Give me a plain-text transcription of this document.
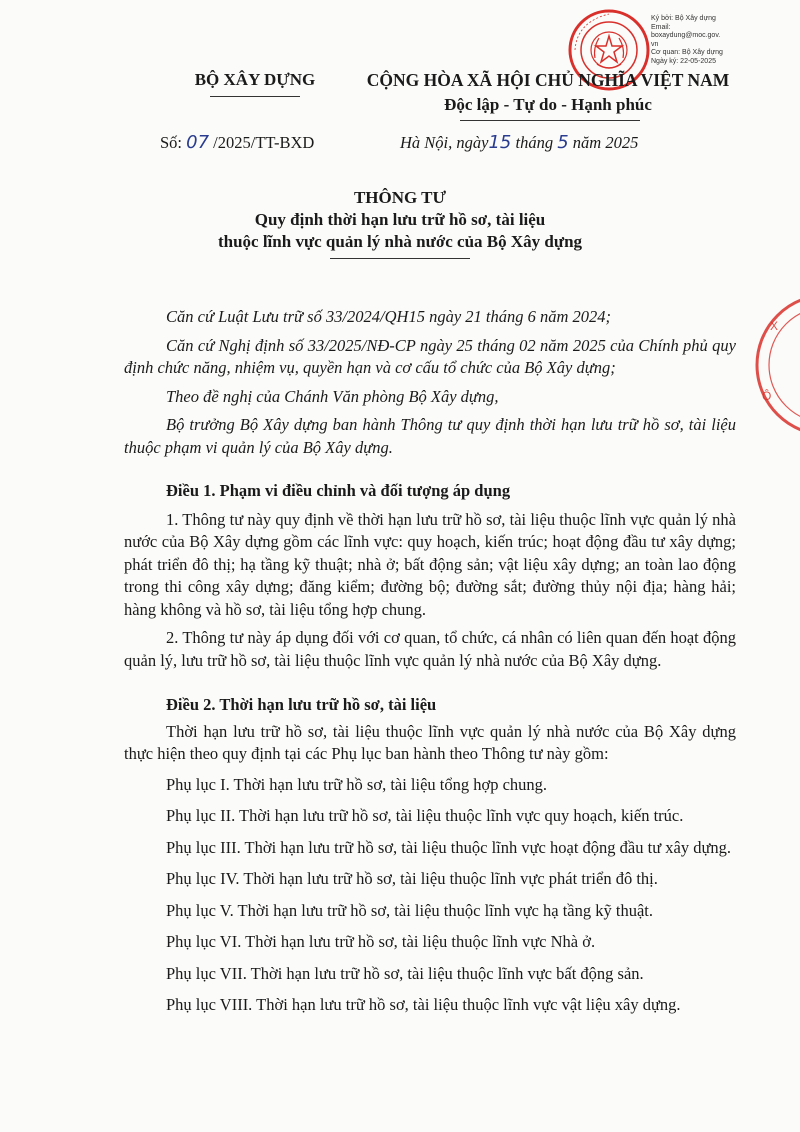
Ký bởi: Bộ Xây dựng
Email:
boxaydung@moc.gov.
vn
Cơ quan: Bộ Xây dựng
Ngày ký: 22-05-2025
X
Ô
BỘ XÂY DỰNG	CỘNG HÒA XÃ HỘI CHỦ NGHĨA VIỆT NAM
Độc lập - Tự do - Hạnh phúc
Số: 07 /2025/TT-BXD	Hà Nội, ngày15 tháng 5 năm 2025
THÔNG TƯ
Quy định thời hạn lưu trữ hồ sơ, tài liệu
thuộc lĩnh vực quản lý nhà nước của Bộ Xây dựng

Căn cứ Luật Lưu trữ số 33/2024/QH15 ngày 21 tháng 6 năm 2024;

Căn cứ Nghị định số 33/2025/NĐ-CP ngày 25 tháng 02 năm 2025 của Chính phủ quy định chức năng, nhiệm vụ, quyền hạn và cơ cấu tổ chức của Bộ Xây dựng;

Theo đề nghị của Chánh Văn phòng Bộ Xây dựng,

Bộ trưởng Bộ Xây dựng ban hành Thông tư quy định thời hạn lưu trữ hồ sơ, tài liệu thuộc phạm vi quản lý của Bộ Xây dựng.

Điều 1. Phạm vi điều chỉnh và đối tượng áp dụng

1. Thông tư này quy định về thời hạn lưu trữ hồ sơ, tài liệu thuộc lĩnh vực quản lý nhà nước của Bộ Xây dựng gồm các lĩnh vực: quy hoạch, kiến trúc; hoạt động đầu tư xây dựng; phát triển đô thị; hạ tầng kỹ thuật; nhà ở; bất động sản; vật liệu xây dựng; an toàn lao động trong thi công xây dựng; đăng kiểm; đường bộ; đường sắt; đường thủy nội địa; hàng hải; hàng không và hồ sơ, tài liệu tổng hợp chung.

2. Thông tư này áp dụng đối với cơ quan, tổ chức, cá nhân có liên quan đến hoạt động quản lý, lưu trữ hồ sơ, tài liệu thuộc lĩnh vực quản lý nhà nước của Bộ Xây dựng.

Điều 2. Thời hạn lưu trữ hồ sơ, tài liệu

Thời hạn lưu trữ hồ sơ, tài liệu thuộc lĩnh vực quản lý nhà nước của Bộ Xây dựng thực hiện theo quy định tại các Phụ lục ban hành theo Thông tư này gồm:

Phụ lục I. Thời hạn lưu trữ hồ sơ, tài liệu tổng hợp chung.

Phụ lục II. Thời hạn lưu trữ hồ sơ, tài liệu thuộc lĩnh vực quy hoạch, kiến trúc.

Phụ lục III. Thời hạn lưu trữ hồ sơ, tài liệu thuộc lĩnh vực hoạt động đầu tư xây dựng.

Phụ lục IV. Thời hạn lưu trữ hồ sơ, tài liệu thuộc lĩnh vực phát triển đô thị.

Phụ lục V. Thời hạn lưu trữ hồ sơ, tài liệu thuộc lĩnh vực hạ tầng kỹ thuật.

Phụ lục VI. Thời hạn lưu trữ hồ sơ, tài liệu thuộc lĩnh vực Nhà ở.

Phụ lục VII. Thời hạn lưu trữ hồ sơ, tài liệu thuộc lĩnh vực bất động sản.

Phụ lục VIII. Thời hạn lưu trữ hồ sơ, tài liệu thuộc lĩnh vực vật liệu xây dựng.
